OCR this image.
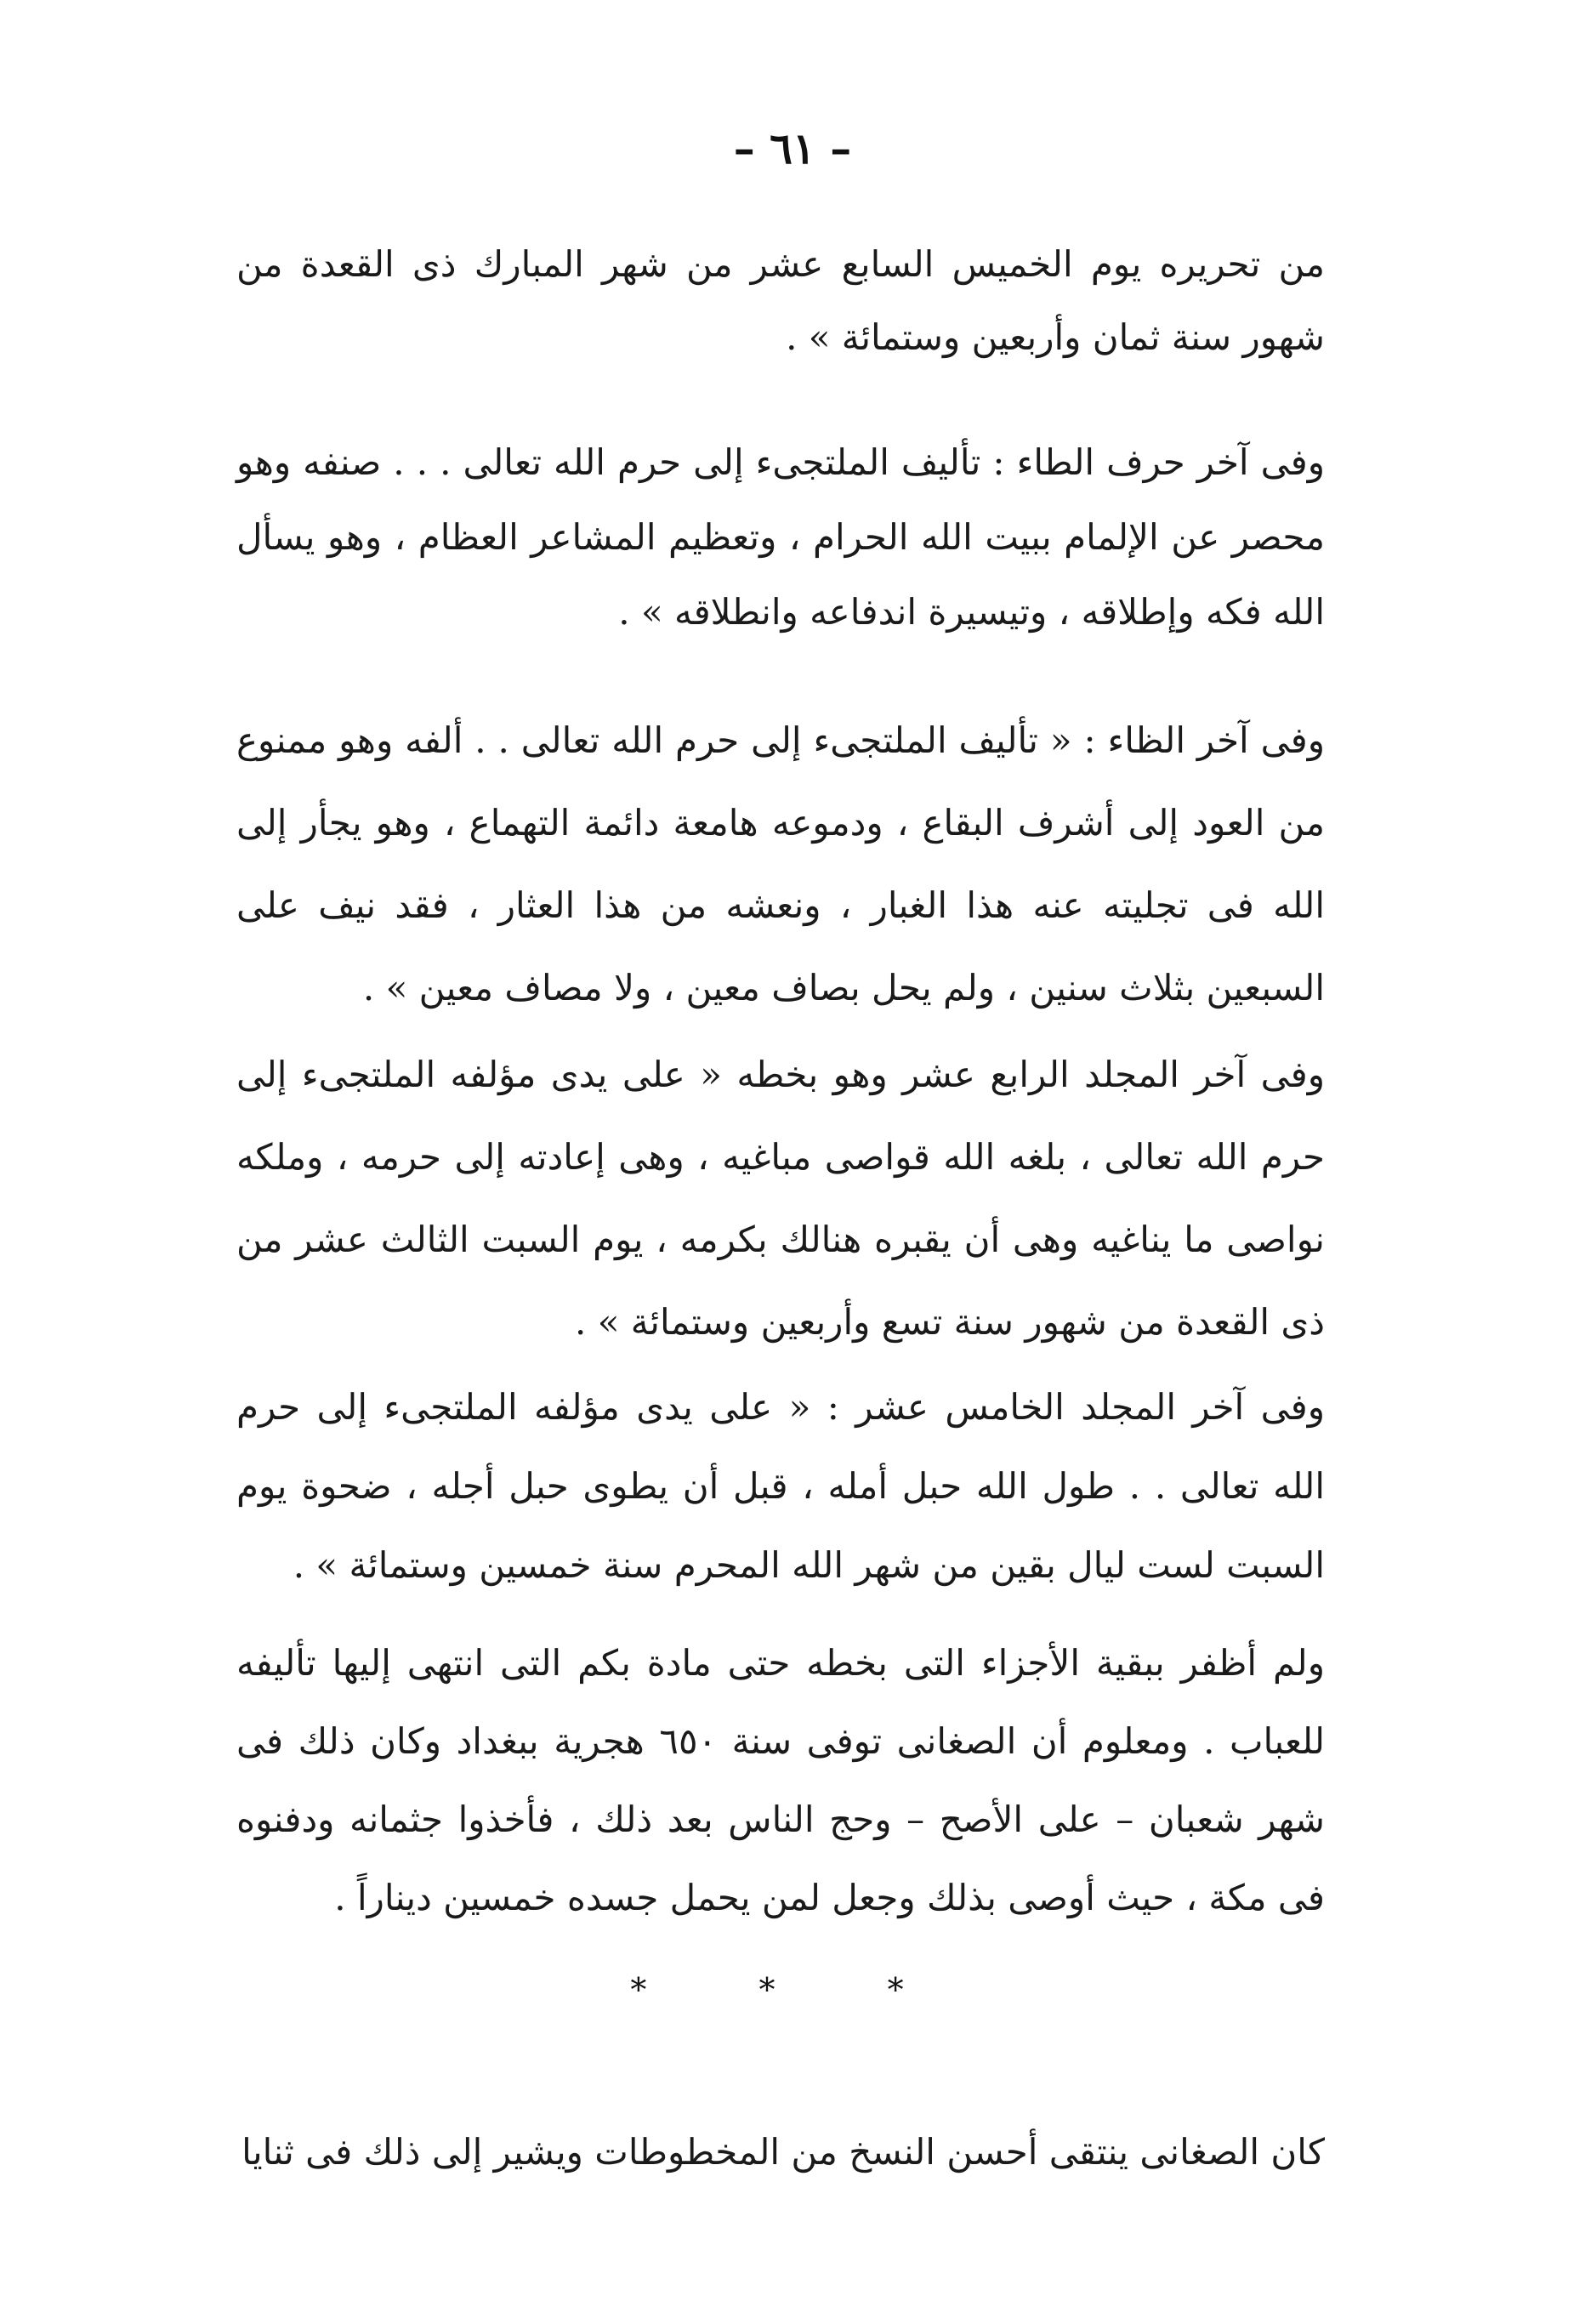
– ٦١ –

من تحريره يوم الخميس السابع عشر من شهر المبارك ذى القعدة من شهور سنة ثمان وأربعين وستمائة » .

وفى آخر حرف الطاء : تأليف الملتجىء إلى حرم الله تعالى . . . صنفه وهو محصر عن الإلمام ببيت الله الحرام ، وتعظيم المشاعر العظام ، وهو يسأل الله فكه وإطلاقه ، وتيسيرة اندفاعه وانطلاقه » .

وفى آخر الظاء : « تأليف الملتجىء إلى حرم الله تعالى . . ألفه وهو ممنوع من العود إلى أشرف البقاع ، ودموعه هامعة دائمة التهماع ، وهو يجأر إلى الله فى تجليته عنه هذا الغبار ، ونعشه من هذا العثار ، فقد نيف على السبعين بثلاث سنين ، ولم يحل بصاف معين ، ولا مصاف معين » .

وفى آخر المجلد الرابع عشر وهو بخطه « على يدى مؤلفه الملتجىء إلى حرم الله تعالى ، بلغه الله قواصى مباغيه ، وهى إعادته إلى حرمه ، وملكه نواصى ما يناغيه وهى أن يقبره هنالك بكرمه ، يوم السبت الثالث عشر من ذى القعدة من شهور سنة تسع وأربعين وستمائة » .

وفى آخر المجلد الخامس عشر : « على يدى مؤلفه الملتجىء إلى حرم الله تعالى . . طول الله حبل أمله ، قبل أن يطوى حبل أجله ، ضحوة يوم السبت لست ليال بقين من شهر الله المحرم سنة خمسين وستمائة » .

ولم أظفر ببقية الأجزاء التى بخطه حتى مادة بكم التى انتهى إليها تأليفه للعباب . ومعلوم أن الصغانى توفى سنة ٦٥٠ هجرية ببغداد وكان ذلك فى شهر شعبان – على الأصح – وحج الناس بعد ذلك ، فأخذوا جثمانه ودفنوه فى مكة ، حيث أوصى بذلك وجعل لمن يحمل جسده خمسين ديناراً .

* * *
كان الصغانى ينتقى أحسن النسخ من المخطوطات ويشير إلى ذلك فى ثنايا
